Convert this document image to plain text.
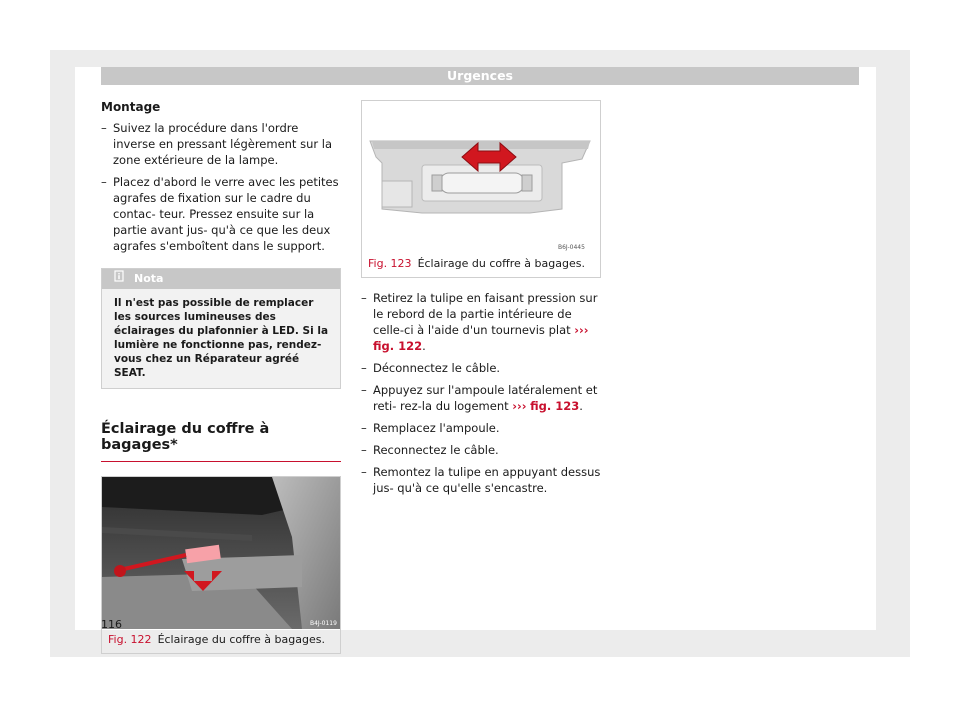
Urgences
Montage
– Suivez la procédure dans l'ordre inverse en pressant légèrement sur la zone extérieure de la lampe.
– Placez d'abord le verre avec les petites agrafes de fixation sur le cadre du contac- teur. Pressez ensuite sur la partie avant jus- qu'à ce que les deux agrafes s'emboîtent dans le support.
Nota
Il n'est pas possible de remplacer les sources lumineuses des éclairages du plafonnier à LED. Si la lumière ne fonctionne pas, rendez- vous chez un Réparateur agréé SEAT.
Éclairage du coffre à bagages*
B4J-0119
Fig. 122 Éclairage du coffre à bagages.
B6J-0445
Fig. 123 Éclairage du coffre à bagages.
– Retirez la tulipe en faisant pression sur le rebord de la partie intérieure de celle-ci à l'aide d'un tournevis plat ››› fig. 122.
– Déconnectez le câble.
– Appuyez sur l'ampoule latéralement et reti- rez-la du logement ››› fig. 123.
– Remplacez l'ampoule.
– Reconnectez le câble.
– Remontez la tulipe en appuyant dessus jus- qu'à ce qu'elle s'encastre.
116
